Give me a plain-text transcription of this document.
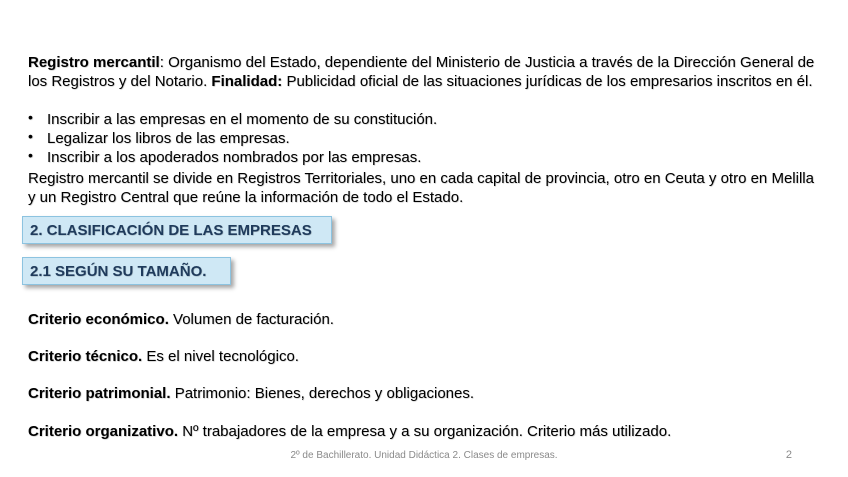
Registro mercantil: Organismo del Estado, dependiente del Ministerio de Justicia a través de la Dirección General de los Registros y del Notario. Finalidad: Publicidad oficial de las situaciones jurídicas de los empresarios inscritos en él.
• Inscribir a las empresas en el momento de su constitución.
• Legalizar los libros de las empresas.
• Inscribir a los apoderados nombrados por las empresas.
Registro mercantil se divide en Registros Territoriales, uno en cada capital de provincia, otro en Ceuta y otro en Melilla y un Registro Central que reúne la información de todo el Estado.
2. CLASIFICACIÓN DE LAS EMPRESAS
2.1 SEGÚN SU TAMAÑO.
Criterio económico. Volumen de facturación.
Criterio técnico. Es el nivel tecnológico.
Criterio patrimonial. Patrimonio: Bienes, derechos y obligaciones.
Criterio organizativo. Nº trabajadores de la empresa y a su organización. Criterio más utilizado.
2º de Bachillerato. Unidad Didáctica 2. Clases de empresas.	2
